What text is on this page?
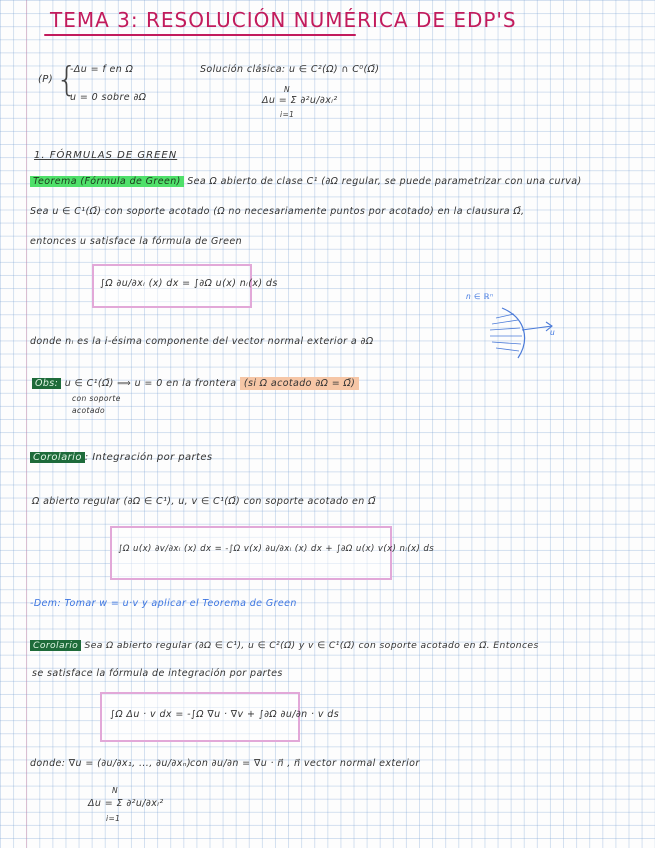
TEMA 3: RESOLUCIÓN NUMÉRICA DE EDP'S
(P) {
-Δu = f en Ω
u = 0 sobre ∂Ω
Solución clásica: u ∈ C²(Ω) ∩ C⁰(Ω̄)
N
Δu = Σ ∂²u/∂xᵢ²
i=1
1. FÓRMULAS DE GREEN
Teorema (Fórmula de Green) Sea Ω abierto de clase C¹ (∂Ω regular, se puede parametrizar con una curva)
Sea u ∈ C¹(Ω̄) con soporte acotado (Ω no necesariamente puntos por acotado) en la clausura Ω̄,
entonces u satisface la fórmula de Green
∫Ω ∂u/∂xᵢ (x) dx = ∫∂Ω u(x) nᵢ(x) ds
n ∈ ℝⁿ
u
donde nᵢ es la i-ésima componente del vector normal exterior a ∂Ω
Obs: u ∈ C¹(Ω̄) ⟹ u = 0 en la frontera (si Ω acotado ∂Ω = Ω̄)
con soporte
acotado
Corolario : Integración por partes
Ω abierto regular (∂Ω ∈ C¹), u, v ∈ C¹(Ω̄) con soporte acotado en Ω̄
∫Ω u(x) ∂v/∂xᵢ (x) dx = -∫Ω v(x) ∂u/∂xᵢ (x) dx + ∫∂Ω u(x) v(x) nᵢ(x) ds
-Dem: Tomar w = u·v y aplicar el Teorema de Green
Corolario Sea Ω abierto regular (∂Ω ∈ C¹), u ∈ C²(Ω̄) y v ∈ C¹(Ω̄) con soporte acotado en Ω̄. Entonces
se satisface la fórmula de integración por partes
∫Ω Δu · v dx = -∫Ω ∇u · ∇v + ∫∂Ω ∂u/∂n · v ds
donde: ∇u = (∂u/∂x₁, ..., ∂u/∂xₙ)
con ∂u/∂n = ∇u · n⃗ , n⃗ vector normal exterior
N
Δu = Σ ∂²u/∂xᵢ²
i=1
